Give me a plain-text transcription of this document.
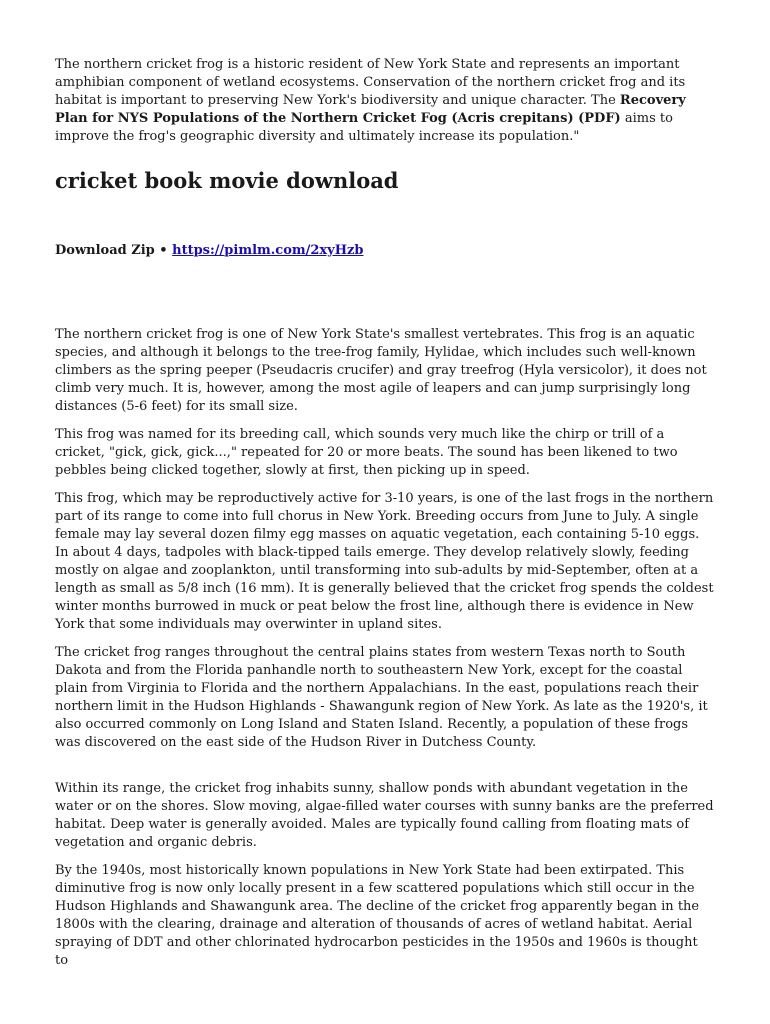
The northern cricket frog is a historic resident of New York State and represents an important amphibian component of wetland ecosystems. Conservation of the northern cricket frog and its habitat is important to preserving New York's biodiversity and unique character. The Recovery Plan for NYS Populations of the Northern Cricket Fog (Acris crepitans) (PDF) aims to improve the frog's geographic diversity and ultimately increase its population."

cricket book movie download

Download Zip • https://pimlm.com/2xyHzb

The northern cricket frog is one of New York State's smallest vertebrates. This frog is an aquatic species, and although it belongs to the tree-frog family, Hylidae, which includes such well-known climbers as the spring peeper (Pseudacris crucifer) and gray treefrog (Hyla versicolor), it does not climb very much. It is, however, among the most agile of leapers and can jump surprisingly long distances (5-6 feet) for its small size.

This frog was named for its breeding call, which sounds very much like the chirp or trill of a cricket, "gick, gick, gick...," repeated for 20 or more beats. The sound has been likened to two pebbles being clicked together, slowly at first, then picking up in speed.

This frog, which may be reproductively active for 3-10 years, is one of the last frogs in the northern part of its range to come into full chorus in New York. Breeding occurs from June to July. A single female may lay several dozen filmy egg masses on aquatic vegetation, each containing 5-10 eggs. In about 4 days, tadpoles with black-tipped tails emerge. They develop relatively slowly, feeding mostly on algae and zooplankton, until transforming into sub-adults by mid-September, often at a length as small as 5/8 inch (16 mm). It is generally believed that the cricket frog spends the coldest winter months burrowed in muck or peat below the frost line, although there is evidence in New York that some individuals may overwinter in upland sites.

The cricket frog ranges throughout the central plains states from western Texas north to South Dakota and from the Florida panhandle north to southeastern New York, except for the coastal plain from Virginia to Florida and the northern Appalachians. In the east, populations reach their northern limit in the Hudson Highlands - Shawangunk region of New York. As late as the 1920's, it also occurred commonly on Long Island and Staten Island. Recently, a population of these frogs was discovered on the east side of the Hudson River in Dutchess County.

Within its range, the cricket frog inhabits sunny, shallow ponds with abundant vegetation in the water or on the shores. Slow moving, algae-filled water courses with sunny banks are the preferred habitat. Deep water is generally avoided. Males are typically found calling from floating mats of vegetation and organic debris.

By the 1940s, most historically known populations in New York State had been extirpated. This diminutive frog is now only locally present in a few scattered populations which still occur in the Hudson Highlands and Shawangunk area. The decline of the cricket frog apparently began in the 1800s with the clearing, drainage and alteration of thousands of acres of wetland habitat. Aerial spraying of DDT and other chlorinated hydrocarbon pesticides in the 1950s and 1960s is thought to
